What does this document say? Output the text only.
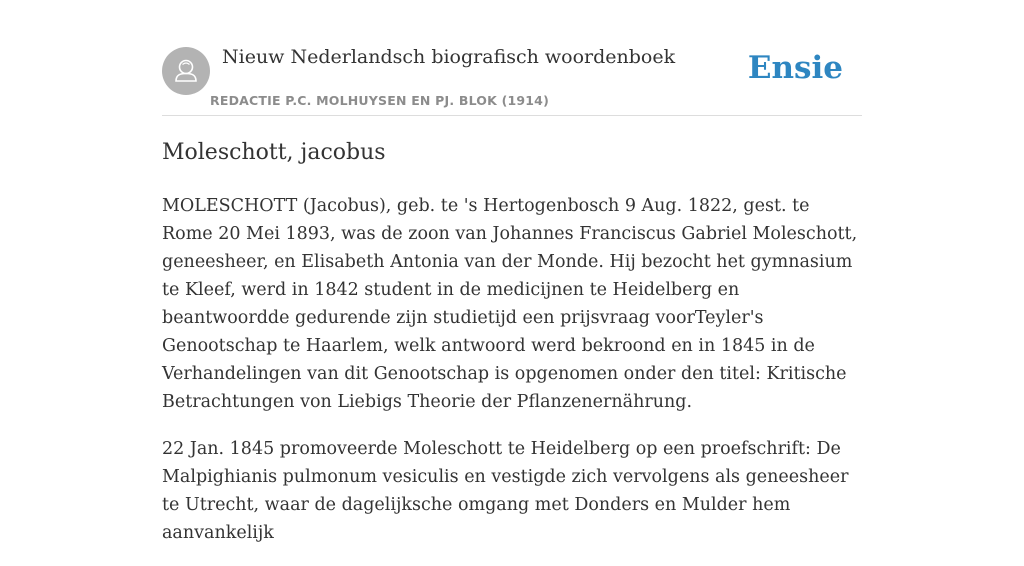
Nieuw Nederlandsch biografisch woordenboek
REDACTIE P.C. MOLHUYSEN EN PJ. BLOK (1914)
Ensie
Moleschott, jacobus

MOLESCHOTT (Jacobus), geb. te 's Hertogenbosch 9 Aug. 1822, gest. te Rome 20 Mei 1893, was de zoon van Johannes Franciscus Gabriel Moleschott, geneesheer, en Elisabeth Antonia van der Monde. Hij bezocht het gymnasium te Kleef, werd in 1842 student in de medicijnen te Heidelberg en beantwoordde gedurende zijn studietijd een prijsvraag voorTeyler's Genootschap te Haarlem, welk antwoord werd bekroond en in 1845 in de Verhandelingen van dit Genootschap is opgenomen onder den titel: Kritische Betrachtungen von Liebigs Theorie der Pflanzenernährung.

22 Jan. 1845 promoveerde Moleschott te Heidelberg op een proefschrift: De Malpighianis pulmonum vesiculis en vestigde zich vervolgens als geneesheer te Utrecht, waar de dagelijksche omgang met Donders en Mulder hem aanvankelijk
